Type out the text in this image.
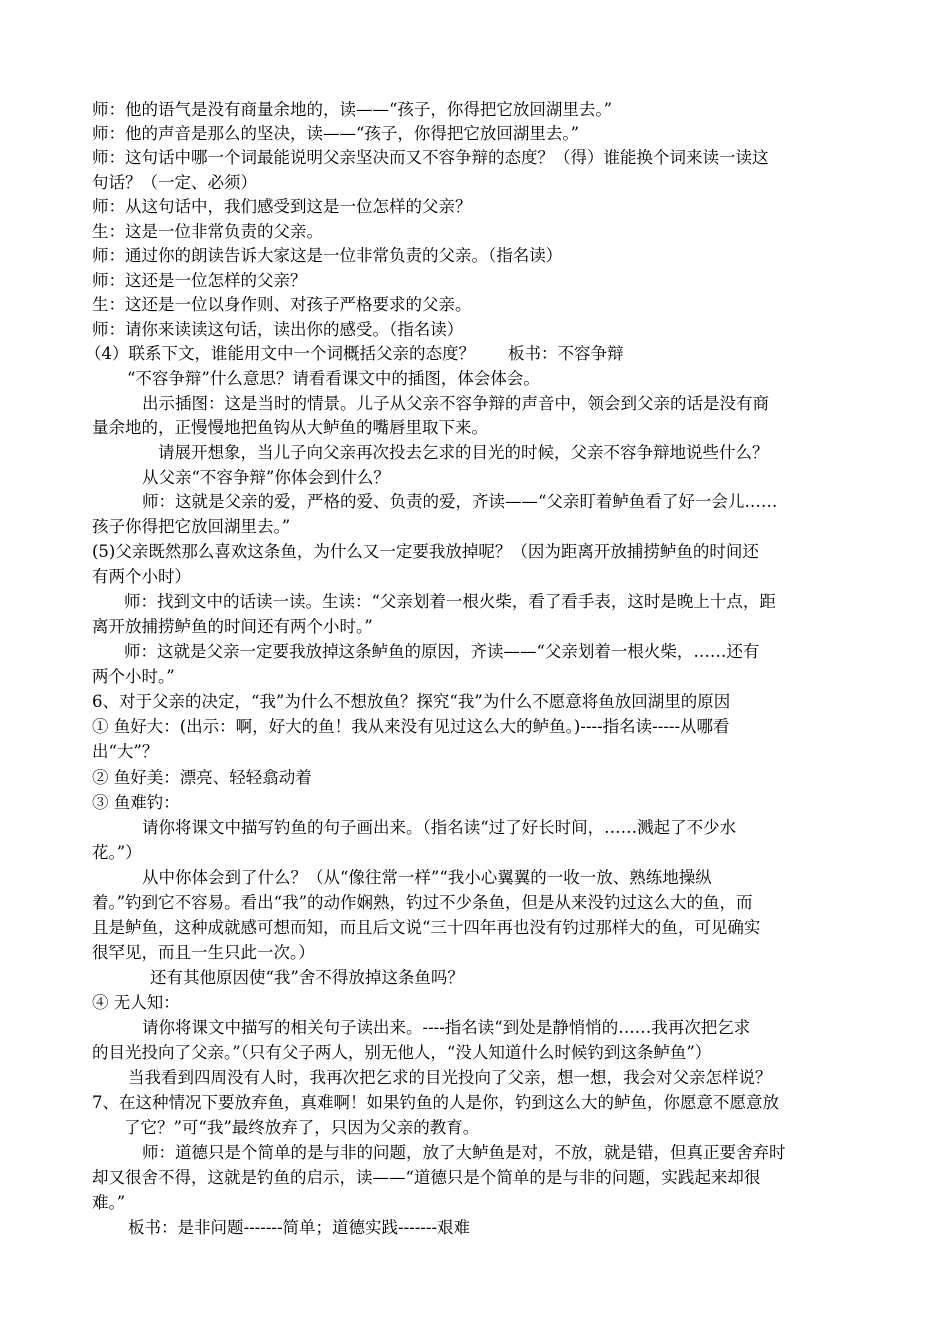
师：他的语气是没有商量余地的，读——“孩子，你得把它放回湖里去。”
师：他的声音是那么的坚决，读——“孩子，你得把它放回湖里去。”
师：这句话中哪一个词最能说明父亲坚决而又不容争辩的态度？（得）谁能换个词来读一读这
句话？（一定、必须）
师：从这句话中，我们感受到这是一位怎样的父亲？
生：这是一位非常负责的父亲。
师：通过你的朗读告诉大家这是一位非常负责的父亲。（指名读）
师：这还是一位怎样的父亲？
生：这还是一位以身作则、对孩子严格要求的父亲。
师：请你来读读这句话，读出你的感受。（指名读）
（4）联系下文，谁能用文中一个词概括父亲的态度？　　板书：不容争辩
“不容争辩”什么意思？请看看课文中的插图，体会体会。
出示插图：这是当时的情景。儿子从父亲不容争辩的声音中，领会到父亲的话是没有商
量余地的，正慢慢地把鱼钩从大鲈鱼的嘴唇里取下来。
请展开想象，当儿子向父亲再次投去乞求的目光的时候，父亲不容争辩地说些什么？
从父亲“不容争辩”你体会到什么？
师：这就是父亲的爱，严格的爱、负责的爱，齐读——“父亲盯着鲈鱼看了好一会儿……
孩子你得把它放回湖里去。”
(5)父亲既然那么喜欢这条鱼，为什么又一定要我放掉呢？（因为距离开放捕捞鲈鱼的时间还
有两个小时）
师：找到文中的话读一读。生读：“父亲划着一根火柴，看了看手表，这时是晚上十点，距
离开放捕捞鲈鱼的时间还有两个小时。”
师：这就是父亲一定要我放掉这条鲈鱼的原因，齐读——“父亲划着一根火柴，……还有
两个小时。”
6、对于父亲的决定，“我”为什么不想放鱼？探究“我”为什么不愿意将鱼放回湖里的原因
① 鱼好大：(出示：啊，好大的鱼！我从来没有见过这么大的鲈鱼。)----指名读-----从哪看
出“大”？
② 鱼好美：漂亮、轻轻翕动着
③ 鱼难钓：
请你将课文中描写钓鱼的句子画出来。（指名读“过了好长时间，……溅起了不少水
花。”）
从中你体会到了什么？（从“像往常一样”“我小心翼翼的一收一放、熟练地操纵
着。”钓到它不容易。看出“我”的动作娴熟，钓过不少条鱼，但是从来没钓过这么大的鱼，而
且是鲈鱼，这种成就感可想而知，而且后文说“三十四年再也没有钓过那样大的鱼，可见确实
很罕见，而且一生只此一次。）
还有其他原因使“我”舍不得放掉这条鱼吗？
④ 无人知：
请你将课文中描写的相关句子读出来。----指名读“到处是静悄悄的……我再次把乞求
的目光投向了父亲。”（只有父子两人，别无他人，“没人知道什么时候钓到这条鲈鱼”）
当我看到四周没有人时，我再次把乞求的目光投向了父亲，想一想，我会对父亲怎样说？
7、在这种情况下要放弃鱼，真难啊！如果钓鱼的人是你，钓到这么大的鲈鱼，你愿意不愿意放
了它？”可“我”最终放弃了，只因为父亲的教育。
师：道德只是个简单的是与非的问题，放了大鲈鱼是对，不放，就是错，但真正要舍弃时
却又很舍不得，这就是钓鱼的启示，读——“道德只是个简单的是与非的问题，实践起来却很
难。”
板书：是非问题-------简单；道德实践-------艰难
